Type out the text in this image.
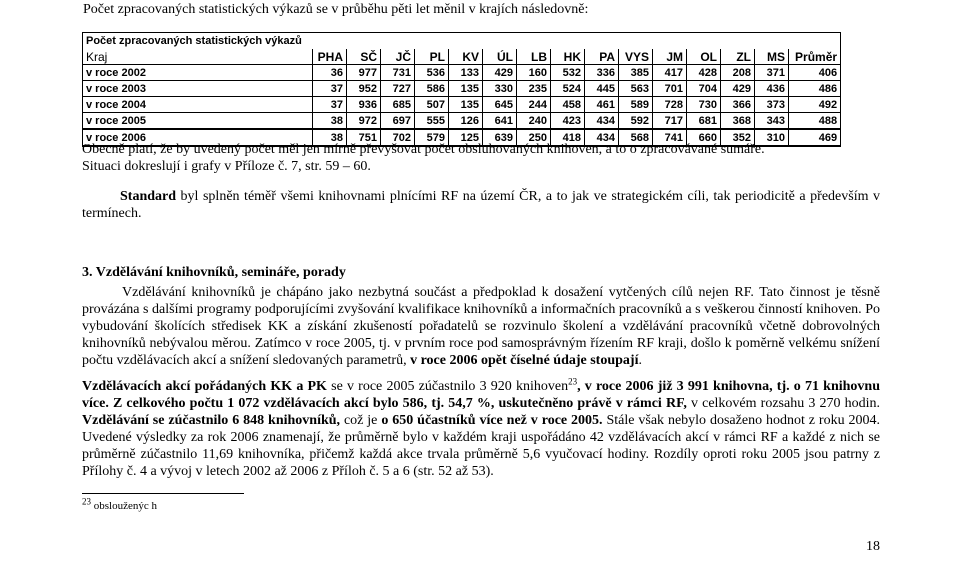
Počet zpracovaných statistických výkazů se v průběhu pěti let měnil v krajích následovně:
Počet zpracovaných statistických výkazů															
Kraj	PHA	SČ	JČ	PL	KV	ÚL	LB	HK	PA	VYS	JM	OL	ZL	MS	Průměr
v roce 2002	36	977	731	536	133	429	160	532	336	385	417	428	208	371	406
v roce 2003	37	952	727	586	135	330	235	524	445	563	701	704	429	436	486
v roce 2004	37	936	685	507	135	645	244	458	461	589	728	730	366	373	492
v roce 2005	38	972	697	555	126	641	240	423	434	592	717	681	368	343	488
v roce 2006	38	751	702	579	125	639	250	418	434	568	741	660	352	310	469

Obecně platí, že by uvedený počet měl jen mírně převyšovat počet obsluhovaných knihoven, a to o zpracovávané sumáře.

Situaci dokreslují i grafy v Příloze č. 7, str. 59 – 60.

Standard byl splněn téměř všemi knihovnami plnícími RF na území ČR, a to jak ve strategickém cíli, tak periodicitě a především v termínech.
3. Vzdělávání knihovníků, semináře, porady
Vzdělávání knihovníků je chápáno jako nezbytná součást a předpoklad k dosažení vytčených cílů nejen RF. Tato činnost je těsně provázána s dalšími programy podporujícími zvyšování kvalifikace knihovníků a informačních pracovníků a s veškerou činností knihoven. Po vybudování školících středisek KK a získání zkušeností pořadatelů se rozvinulo školení a vzdělávání pracovníků včetně dobrovolných knihovníků nebývalou měrou. Zatímco v roce 2005, tj. v prvním roce pod samosprávným řízením RF kraji, došlo k poměrně velkému snížení počtu vzdělávacích akcí a snížení sledovaných parametrů, v roce 2006 opět číselné údaje stoupají.
Vzdělávacích akcí pořádaných KK a PK se v roce 2005 zúčastnilo 3 920 knihoven$^{23}$, v roce 2006 již 3 991 knihovna, tj. o 71 knihovnu více. Z celkového počtu 1 072 vzdělávacích akcí bylo 586, tj. 54,7 %, uskutečněno právě v rámci RF, v celkovém rozsahu 3 270 hodin. Vzdělávání se zúčastnilo 6 848 knihovníků, což je o 650 účastníků více než v roce 2005. Stále však nebylo dosaženo hodnot z roku 2004. Uvedené výsledky za rok 2006 znamenají, že průměrně bylo v každém kraji uspořádáno 42 vzdělávacích akcí v rámci RF a každé z nich se průměrně zúčastnilo 11,69 knihovníka, přičemž každá akce trvala průměrně 5,6 vyučovací hodiny. Rozdíly oproti roku 2005 jsou patrny z Přílohy č. 4 a vývoj v letech 2002 až 2006 z Příloh č. 5 a 6 (str. 52 až 53).
$^{23}$ obslouženýc h
18
